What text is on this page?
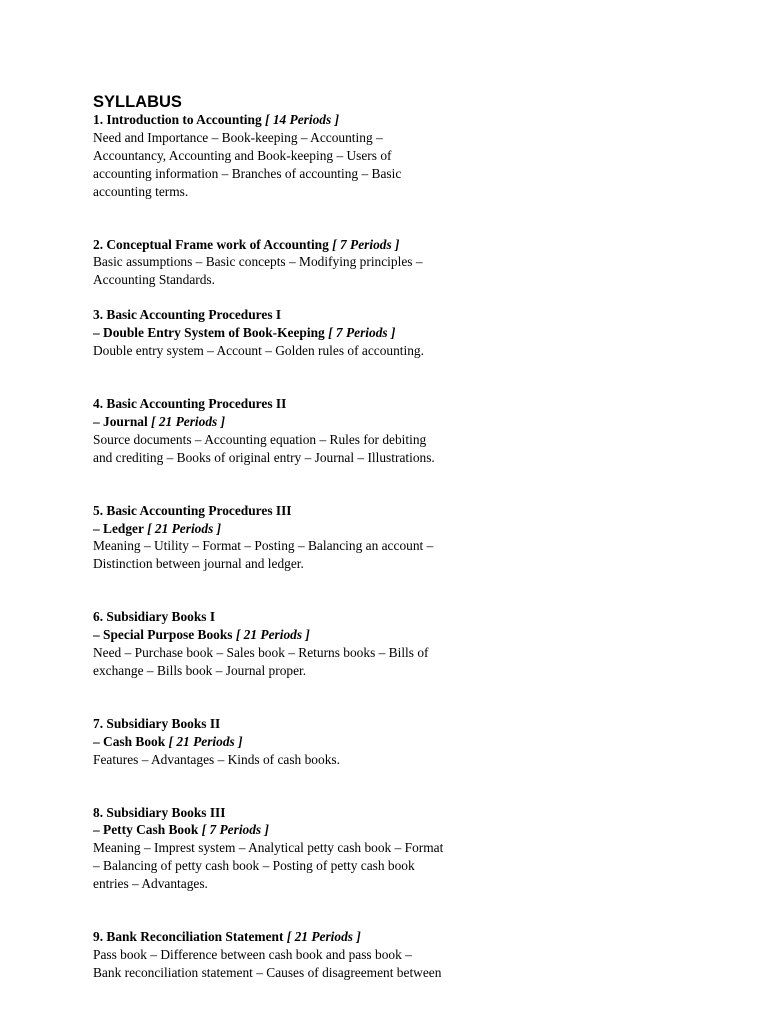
SYLLABUS
1. Introduction to Accounting [ 14 Periods ]
Need and Importance – Book-keeping – Accounting –
Accountancy, Accounting and Book-keeping – Users of
accounting information – Branches of accounting – Basic
accounting terms.
2. Conceptual Frame work of Accounting [ 7 Periods ]
Basic assumptions – Basic concepts – Modifying principles –
Accounting Standards.
3. Basic Accounting Procedures I
– Double Entry System of Book-Keeping [ 7 Periods ]
Double entry system – Account – Golden rules of accounting.
4. Basic Accounting Procedures II
– Journal [ 21 Periods ]
Source documents – Accounting equation – Rules for debiting
and crediting – Books of original entry – Journal – Illustrations.
5. Basic Accounting Procedures III
– Ledger [ 21 Periods ]
Meaning – Utility – Format – Posting – Balancing an account –
Distinction between journal and ledger.
6. Subsidiary Books I
– Special Purpose Books [ 21 Periods ]
Need – Purchase book – Sales book – Returns books – Bills of
exchange – Bills book – Journal proper.
7. Subsidiary Books II
– Cash Book [ 21 Periods ]
Features – Advantages – Kinds of cash books.
8. Subsidiary Books III
– Petty Cash Book [ 7 Periods ]
Meaning – Imprest system – Analytical petty cash book – Format
– Balancing of petty cash book – Posting of petty cash book
entries – Advantages.
9. Bank Reconciliation Statement [ 21 Periods ]
Pass book – Difference between cash book and pass book –
Bank reconciliation statement – Causes of disagreement between
